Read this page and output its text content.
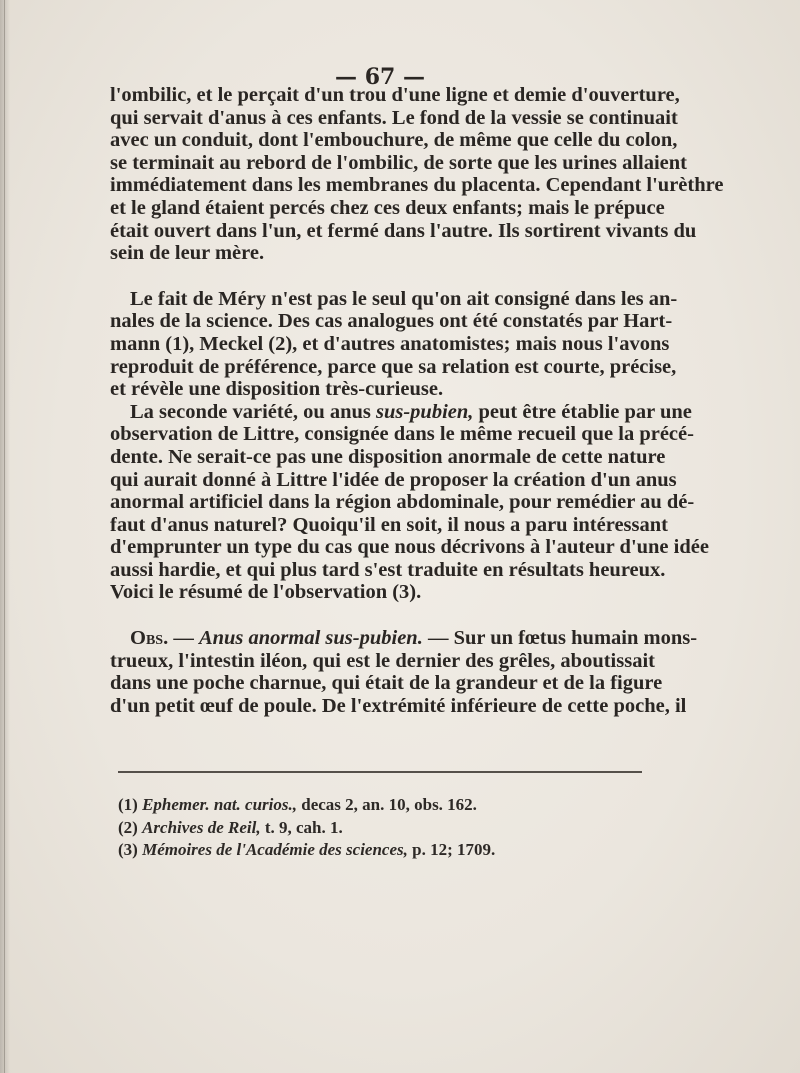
— 67 —
l'ombilic, et le perçait d'un trou d'une ligne et demie d'ouverture,
qui servait d'anus à ces enfants. Le fond de la vessie se continuait
avec un conduit, dont l'embouchure, de même que celle du colon,
se terminait au rebord de l'ombilic, de sorte que les urines allaient
immédiatement dans les membranes du placenta. Cependant l'urèthre
et le gland étaient percés chez ces deux enfants; mais le prépuce
était ouvert dans l'un, et fermé dans l'autre. Ils sortirent vivants du
sein de leur mère.
Le fait de Méry n'est pas le seul qu'on ait consigné dans les an-
nales de la science. Des cas analogues ont été constatés par Hart-
mann (1), Meckel (2), et d'autres anatomistes; mais nous l'avons
reproduit de préférence, parce que sa relation est courte, précise,
et révèle une disposition très-curieuse.
La seconde variété, ou anus sus-pubien, peut être établie par une
observation de Littre, consignée dans le même recueil que la précé-
dente. Ne serait-ce pas une disposition anormale de cette nature
qui aurait donné à Littre l'idée de proposer la création d'un anus
anormal artificiel dans la région abdominale, pour remédier au dé-
faut d'anus naturel? Quoiqu'il en soit, il nous a paru intéressant
d'emprunter un type du cas que nous décrivons à l'auteur d'une idée
aussi hardie, et qui plus tard s'est traduite en résultats heureux.
Voici le résumé de l'observation (3).
Obs. — Anus anormal sus-pubien. — Sur un fœtus humain mons-
trueux, l'intestin iléon, qui est le dernier des grêles, aboutissait
dans une poche charnue, qui était de la grandeur et de la figure
d'un petit œuf de poule. De l'extrémité inférieure de cette poche, il
(1) Ephemer. nat. curios., decas 2, an. 10, obs. 162.
(2) Archives de Reil, t. 9, cah. 1.
(3) Mémoires de l'Académie des sciences, p. 12; 1709.
